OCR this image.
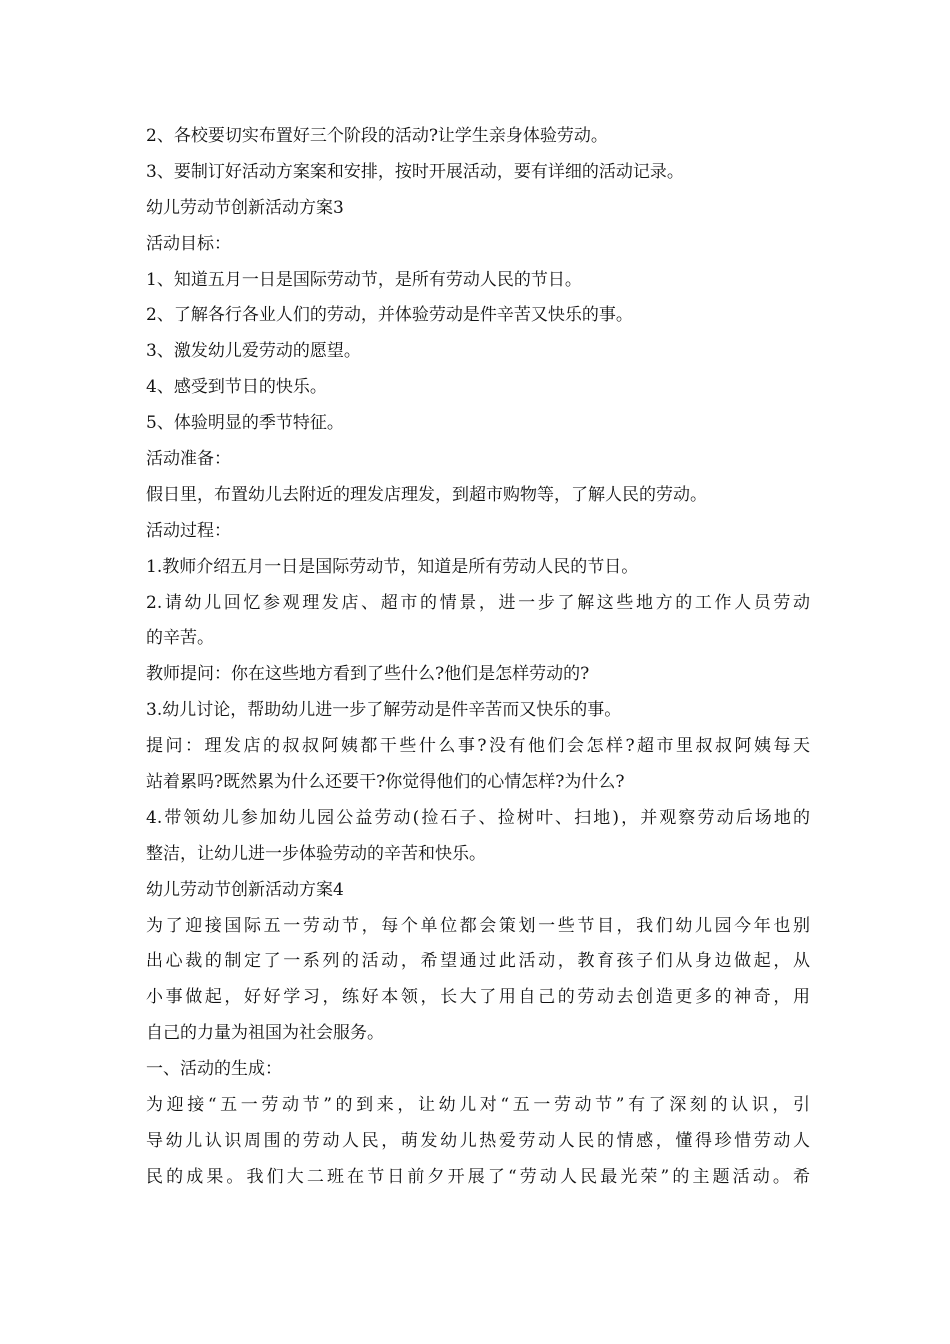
2、各校要切实布置好三个阶段的活动?让学生亲身体验劳动。
3、要制订好活动方案案和安排，按时开展活动，要有详细的活动记录。
幼儿劳动节创新活动方案3
活动目标：
1、知道五月一日是国际劳动节，是所有劳动人民的节日。
2、了解各行各业人们的劳动，并体验劳动是件辛苦又快乐的事。
3、激发幼儿爱劳动的愿望。
4、感受到节日的快乐。
5、体验明显的季节特征。
活动准备：
假日里，布置幼儿去附近的理发店理发，到超市购物等，了解人民的劳动。
活动过程：
1.教师介绍五月一日是国际劳动节，知道是所有劳动人民的节日。
2.请幼儿回忆参观理发店、超市的情景，进一步了解这些地方的工作人员劳动
的辛苦。
教师提问：你在这些地方看到了些什么?他们是怎样劳动的?
3.幼儿讨论，帮助幼儿进一步了解劳动是件辛苦而又快乐的事。
提问：理发店的叔叔阿姨都干些什么事?没有他们会怎样?超市里叔叔阿姨每天
站着累吗?既然累为什么还要干?你觉得他们的心情怎样?为什么?
4.带领幼儿参加幼儿园公益劳动(捡石子、捡树叶、扫地)，并观察劳动后场地的
整洁，让幼儿进一步体验劳动的辛苦和快乐。
幼儿劳动节创新活动方案4
为了迎接国际五一劳动节，每个单位都会策划一些节目，我们幼儿园今年也别
出心裁的制定了一系列的活动，希望通过此活动，教育孩子们从身边做起，从
小事做起，好好学习，练好本领，长大了用自己的劳动去创造更多的神奇，用
自己的力量为祖国为社会服务。
一、活动的生成：
为迎接“五一劳动节”的到来，让幼儿对“五一劳动节”有了深刻的认识，引
导幼儿认识周围的劳动人民，萌发幼儿热爱劳动人民的情感，懂得珍惜劳动人
民的成果。我们大二班在节日前夕开展了“劳动人民最光荣”的主题活动。希
